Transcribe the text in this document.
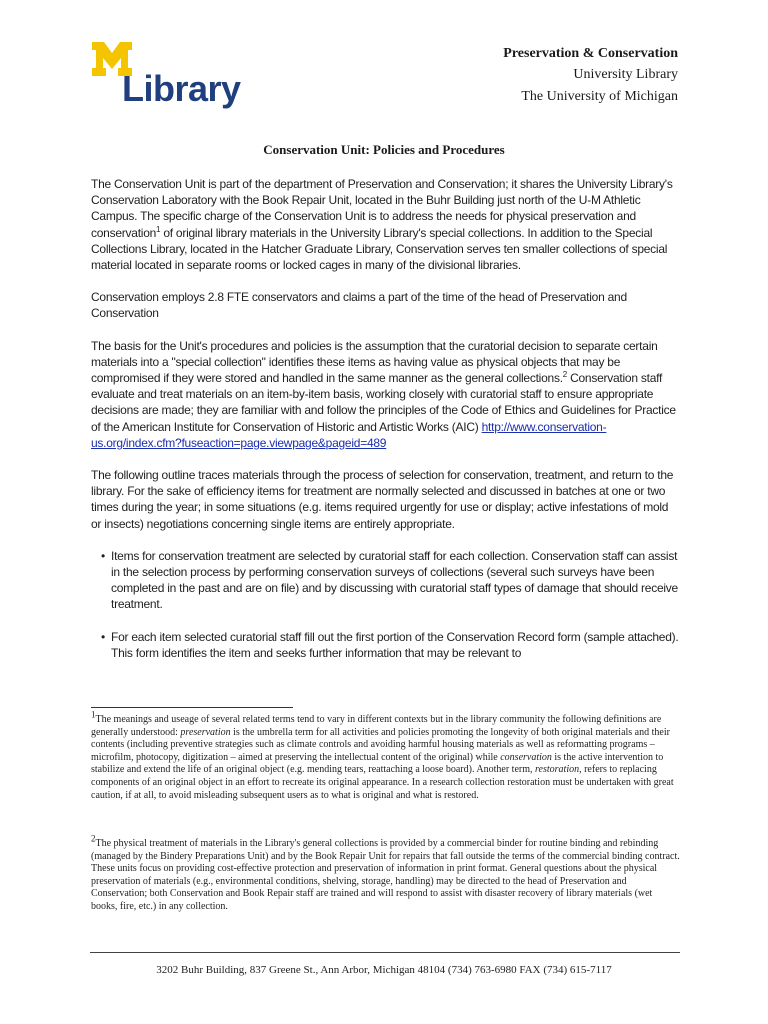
Library
Preservation & Conservation
University Library
The University of Michigan
Conservation Unit: Policies and Procedures

The Conservation Unit is part of the department of Preservation and Conservation; it shares the University Library's Conservation Laboratory with the Book Repair Unit, located in the Buhr Building just north of the U-M Athletic Campus. The specific charge of the Conservation Unit is to address the needs for physical preservation and conservation$^1$ of original library materials in the University Library's special collections. In addition to the Special Collections Library, located in the Hatcher Graduate Library, Conservation serves ten smaller collections of special material located in separate rooms or locked cages in many of the divisional libraries.

Conservation employs 2.8 FTE conservators and claims a part of the time of the head of Preservation and Conservation

The basis for the Unit's procedures and policies is the assumption that the curatorial decision to separate certain materials into a "special collection" identifies these items as having value as physical objects that may be compromised if they were stored and handled in the same manner as the general collections.$^2$ Conservation staff evaluate and treat materials on an item-by-item basis, working closely with curatorial staff to ensure appropriate decisions are made; they are familiar with and follow the principles of the Code of Ethics and Guidelines for Practice of the American Institute for Conservation of Historic and Artistic Works (AIC) http://www.conservation-us.org/index.cfm?fuseaction=page.viewpage&pageid=489

The following outline traces materials through the process of selection for conservation, treatment, and return to the library. For the sake of efficiency items for treatment are normally selected and discussed in batches at one or two times during the year; in some situations (e.g. items required urgently for use or display; active infestations of mold or insects) negotiations concerning single items are entirely appropriate.

• Items for conservation treatment are selected by curatorial staff for each collection. Conservation staff can assist in the selection process by performing conservation surveys of collections (several such surveys have been completed in the past and are on file) and by discussing with curatorial staff types of damage that should receive treatment.
• For each item selected curatorial staff fill out the first portion of the Conservation Record form (sample attached). This form identifies the item and seeks further information that may be relevant to
$^1$The meanings and useage of several related terms tend to vary in different contexts but in the library community the following definitions are generally understood: preservation is the umbrella term for all activities and policies promoting the longevity of both original materials and their contents (including preventive strategies such as climate controls and avoiding harmful housing materials as well as reformatting programs – microfilm, photocopy, digitization – aimed at preserving the intellectual content of the original) while conservation is the active intervention to stabilize and extend the life of an original object (e.g. mending tears, reattaching a loose board). Another term, restoration, refers to replacing components of an original object in an effort to recreate its original appearance. In a research collection restoration must be undertaken with great caution, if at all, to avoid misleading subsequent users as to what is original and what is restored.
$^2$The physical treatment of materials in the Library's general collections is provided by a commercial binder for routine binding and rebinding (managed by the Bindery Preparations Unit) and by the Book Repair Unit for repairs that fall outside the terms of the commercial binding contract. These units focus on providing cost-effective protection and preservation of information in print format. General questions about the physical preservation of materials (e.g., environmental conditions, shelving, storage, handling) may be directed to the head of Preservation and Conservation; both Conservation and Book Repair staff are trained and will respond to assist with disaster recovery of library materials (wet books, fire, etc.) in any collection.
3202 Buhr Building, 837 Greene St., Ann Arbor, Michigan 48104 (734) 763-6980 FAX (734) 615-7117
